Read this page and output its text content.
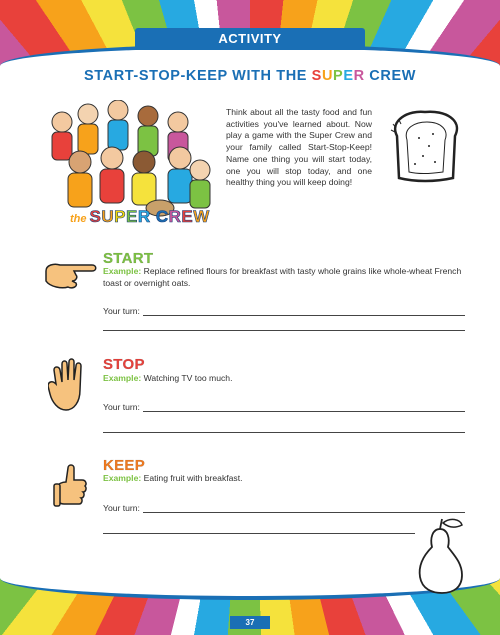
ACTIVITY
START-STOP-KEEP WITH THE SUPER CREW
the SUPER CREW
Think about all the tasty food and fun activities you've learned about. Now play a game with the Super Crew and your family called Start-Stop-Keep! Name one thing you will start today, one you will stop today, and one healthy thing you will keep doing!
START
Example: Replace refined flours for breakfast with tasty whole grains like whole-wheat French toast or overnight oats.
Your turn:
STOP
Example: Watching TV too much.
Your turn:
KEEP
Example: Eating fruit with breakfast.
Your turn:
37
